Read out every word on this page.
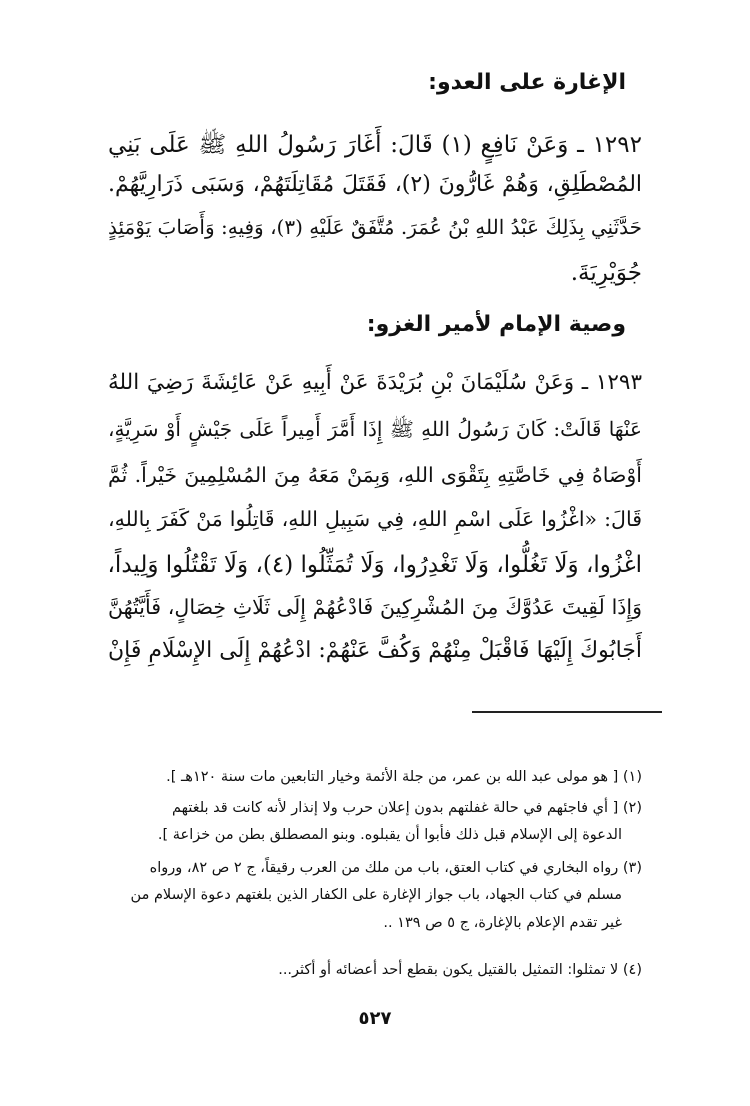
الإغارة على العدو:
١٢٩٢ ـ وَعَنْ نَافِعٍ (١) قَالَ: أَغَارَ رَسُولُ اللهِ ﷺ عَلَى بَنِي
المُصْطَلِقِ، وَهُمْ غَارُّونَ (٢)، فَقَتَلَ مُقَاتِلَتَهُمْ، وَسَبَى ذَرَارِيَّهُمْ.
حَدَّثَنِي بِذَلِكَ عَبْدُ اللهِ بْنُ عُمَرَ. مُتَّفَقٌ عَلَيْهِ (٣)، وَفِيهِ: وَأَصَابَ يَوْمَئِذٍ
جُوَيْرِيَةَ.
وصية الإمام لأمير الغزو:
١٢٩٣ ـ وَعَنْ سُلَيْمَانَ بْنِ بُرَيْدَةَ عَنْ أَبِيهِ عَنْ عَائِشَةَ رَضِيَ اللهُ
عَنْهَا قَالَتْ: كَانَ رَسُولُ اللهِ ﷺ إِذَا أَمَّرَ أَمِيراً عَلَى جَيْشٍ أَوْ سَرِيَّةٍ،
أَوْصَاهُ فِي خَاصَّتِهِ بِتَقْوَى اللهِ، وَبِمَنْ مَعَهُ مِنَ المُسْلِمِينَ خَيْراً. ثُمَّ
قَالَ: «اغْزُوا عَلَى اسْمِ اللهِ، فِي سَبِيلِ اللهِ، قَاتِلُوا مَنْ كَفَرَ بِاللهِ،
اغْزُوا، وَلَا تَغُلُّوا، وَلَا تَغْدِرُوا، وَلَا تُمَثِّلُوا (٤)، وَلَا تَقْتُلُوا وَلِيداً،
وَإِذَا لَقِيتَ عَدُوَّكَ مِنَ المُشْرِكِينَ فَادْعُهُمْ إِلَى ثَلَاثِ خِصَالٍ، فَأَيَّتُهُنَّ
أَجَابُوكَ إِلَيْهَا فَاقْبَلْ مِنْهُمْ وَكُفَّ عَنْهُمْ: ادْعُهُمْ إِلَى الإِسْلَامِ فَإِنْ
(١) [ هو مولى عبد الله بن عمر، من جلة الأئمة وخيار التابعين مات سنة ١٢٠هـ ].
(٢) [ أي فاجئهم في حالة غفلتهم بدون إعلان حرب ولا إنذار لأنه كانت قد بلغتهم
الدعوة إلى الإسلام قبل ذلك فأبوا أن يقبلوه. وبنو المصطلق بطن من خزاعة ].
(٣) رواه البخاري في كتاب العتق، باب من ملك من العرب رقيقاً، ج ٢ ص ٨٢، ورواه
مسلم في كتاب الجهاد، باب جواز الإغارة على الكفار الذين بلغتهم دعوة الإسلام من
غير تقدم الإعلام بالإغارة، ج ٥ ص ١٣٩ ..
(٤) لا تمثلوا: التمثيل بالقتيل يكون بقطع أحد أعضائه أو أكثر...
٥٢٧
